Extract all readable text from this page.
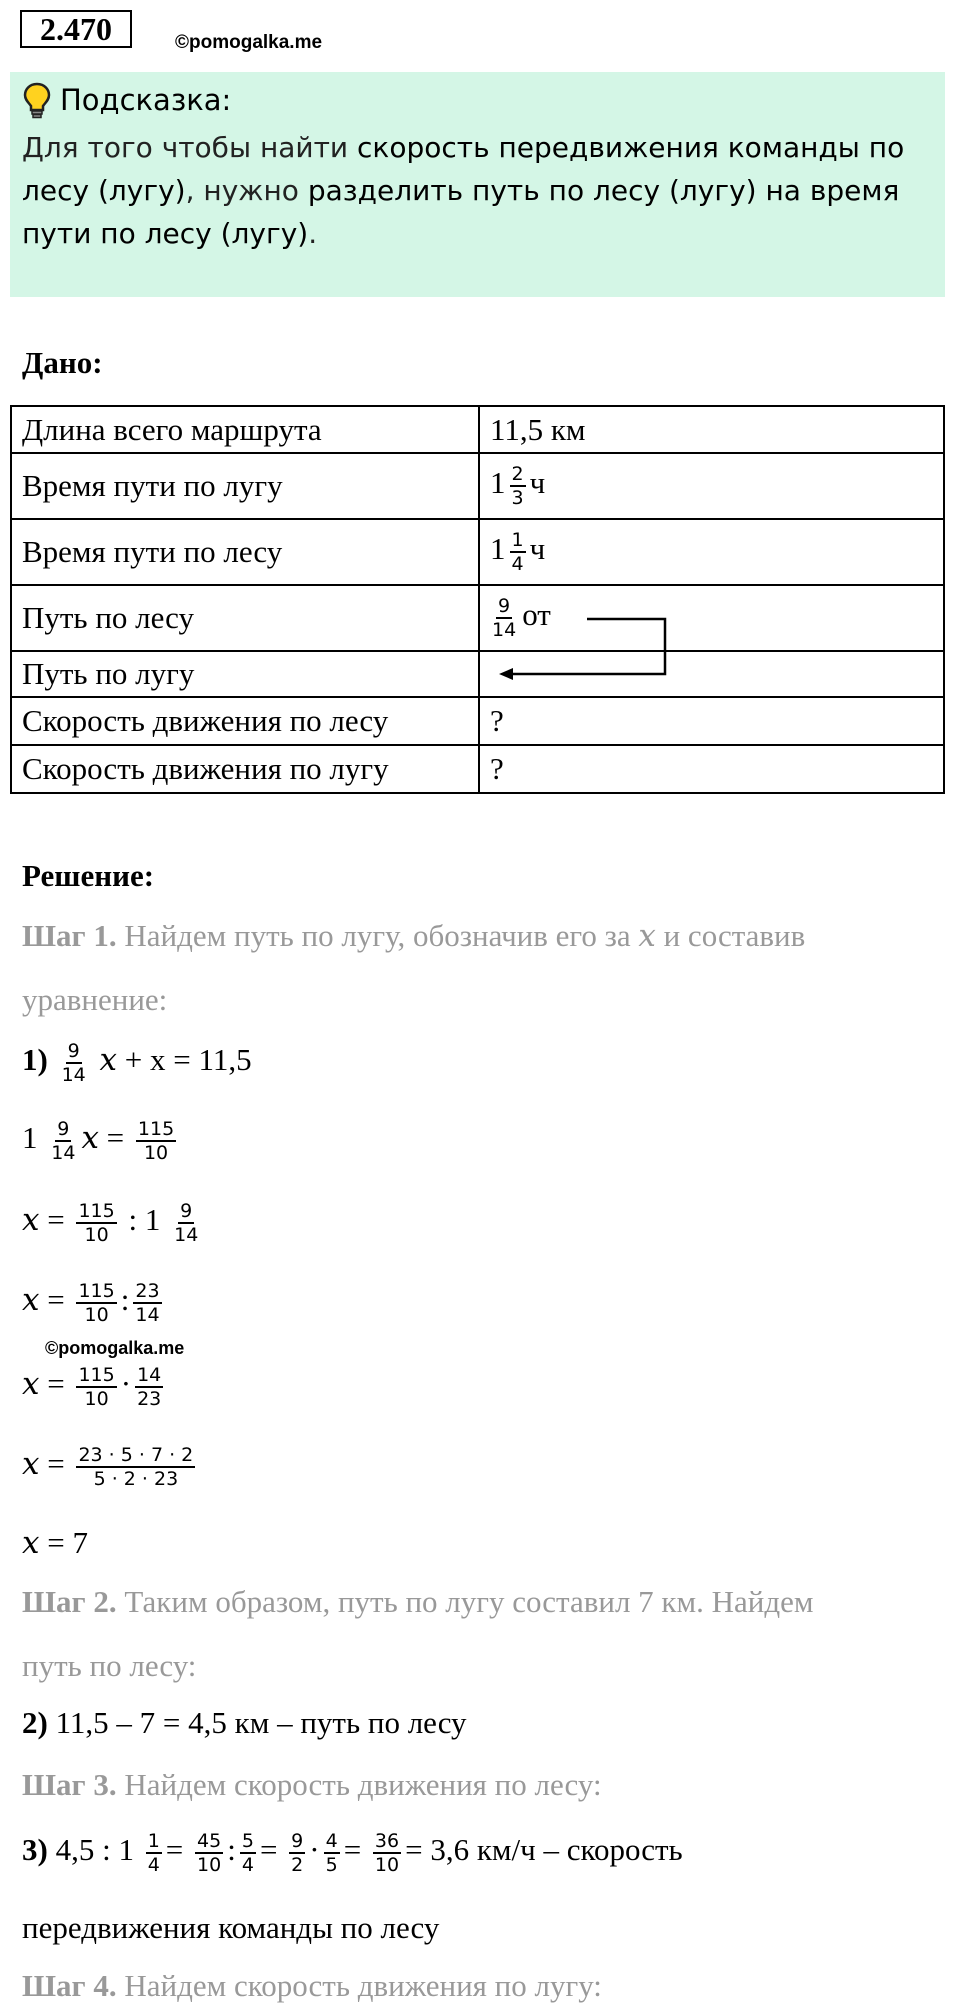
2.470	©pomogalka.me
Подсказка:
Для того чтобы найти скорость передвижения команды по лесу (лугу), нужно разделить путь по лесу (лугу) на время пути по лесу (лугу).
Дано:
Длина всего маршрута	11,5 км
Время пути по лугу	$1 \frac{2}{3}$ ч
Время пути по лесу	$1 \frac{1}{4}$ ч
Путь по лесу	$\frac{9}{14}$ от
Путь по лугу	
Скорость движения по лесу	?
Скорость движения по лугу	?
Решение:
Шаг 1. Найдем путь по лугу, обозначив его за x и составив
уравнение:
$1) \frac{9}{14}$ x + x = 11,5
$1 \frac{9}{14}$ $x = \frac{115}{10}$
$x = \frac{115}{10}$ : $1 \frac{9}{14}$
$x = \frac{115}{10}$ : $\frac{23}{14}$
©pomogalka.me
$x = \frac{115}{10} \cdot \frac{14}{23}$
$x = \frac{23 \cdot 5 \cdot 7 \cdot 2}{5 \cdot 2 \cdot 23}$
x = 7
Шаг 2. Таким образом, путь по лугу составил 7 км. Найдем
путь по лесу:
2) 11,5 – 7 = 4,5 км – путь по лесу
Шаг 3. Найдем скорость движения по лесу:
3) 4,5 : $1 \frac{1}{4} = \frac{45}{10}$ : $\frac{5}{4} = \frac{9}{2} \cdot \frac{4}{5} = \frac{36}{10} = 3,6$ км/ч – скорость
передвижения команды по лесу
Шаг 4. Найдем скорость движения по лугу:
